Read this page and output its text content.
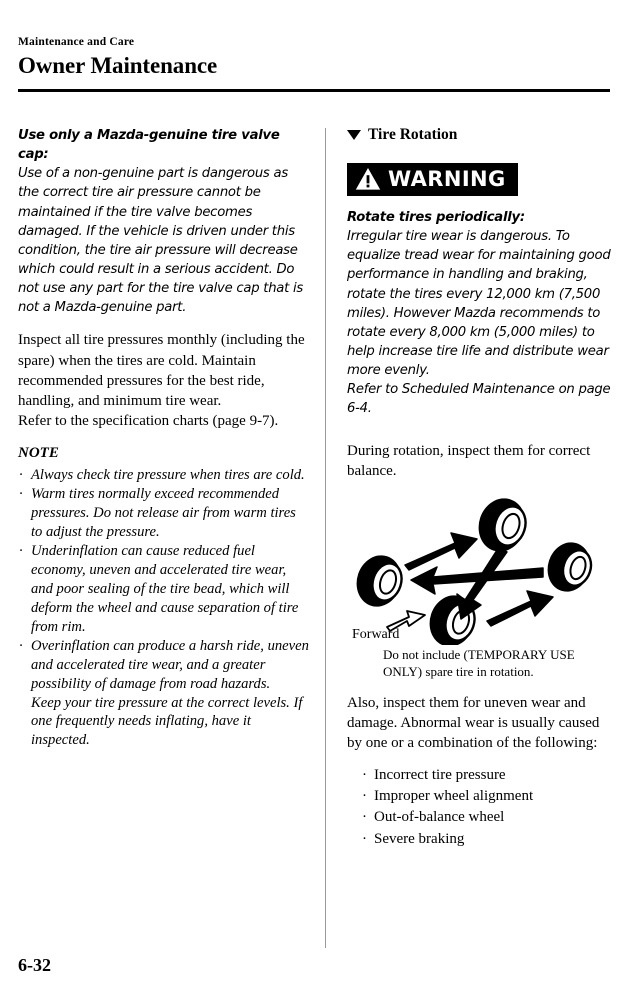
Maintenance and Care
Owner Maintenance
Use only a Mazda-genuine tire valve cap:

Use of a non-genuine part is dangerous as the correct tire air pressure cannot be maintained if the tire valve becomes damaged. If the vehicle is driven under this condition, the tire air pressure will decrease which could result in a serious accident. Do not use any part for the tire valve cap that is not a Mazda-genuine part.

Inspect all tire pressures monthly (including the spare) when the tires are cold. Maintain recommended pressures for the best ride, handling, and minimum tire wear.

Refer to the specification charts (page 9-7).

NOTE
· Always check tire pressure when tires are cold.
· Warm tires normally exceed recommended pressures. Do not release air from warm tires to adjust the pressure.
· Underinflation can cause reduced fuel economy, uneven and accelerated tire wear, and poor sealing of the tire bead, which will deform the wheel and cause separation of tire from rim.
· Overinflation can produce a harsh ride, uneven and accelerated tire wear, and a greater possibility of damage from road hazards.

Keep your tire pressure at the correct levels. If one frequently needs inflating, have it inspected.

Tire Rotation
WARNING
Rotate tires periodically:

Irregular tire wear is dangerous. To equalize tread wear for maintaining good performance in handling and braking, rotate the tires every 12,000 km (7,500 miles). However Mazda recommends to rotate every 8,000 km (5,000 miles) to help increase tire life and distribute wear more evenly.

Refer to Scheduled Maintenance on page 6-4.

During rotation, inspect them for correct balance.

Forward
Do not include (TEMPORARY USE ONLY) spare tire in rotation.

Also, inspect them for uneven wear and damage. Abnormal wear is usually caused by one or a combination of the following:

· Incorrect tire pressure
· Improper wheel alignment
· Out-of-balance wheel
· Severe braking
6-32
